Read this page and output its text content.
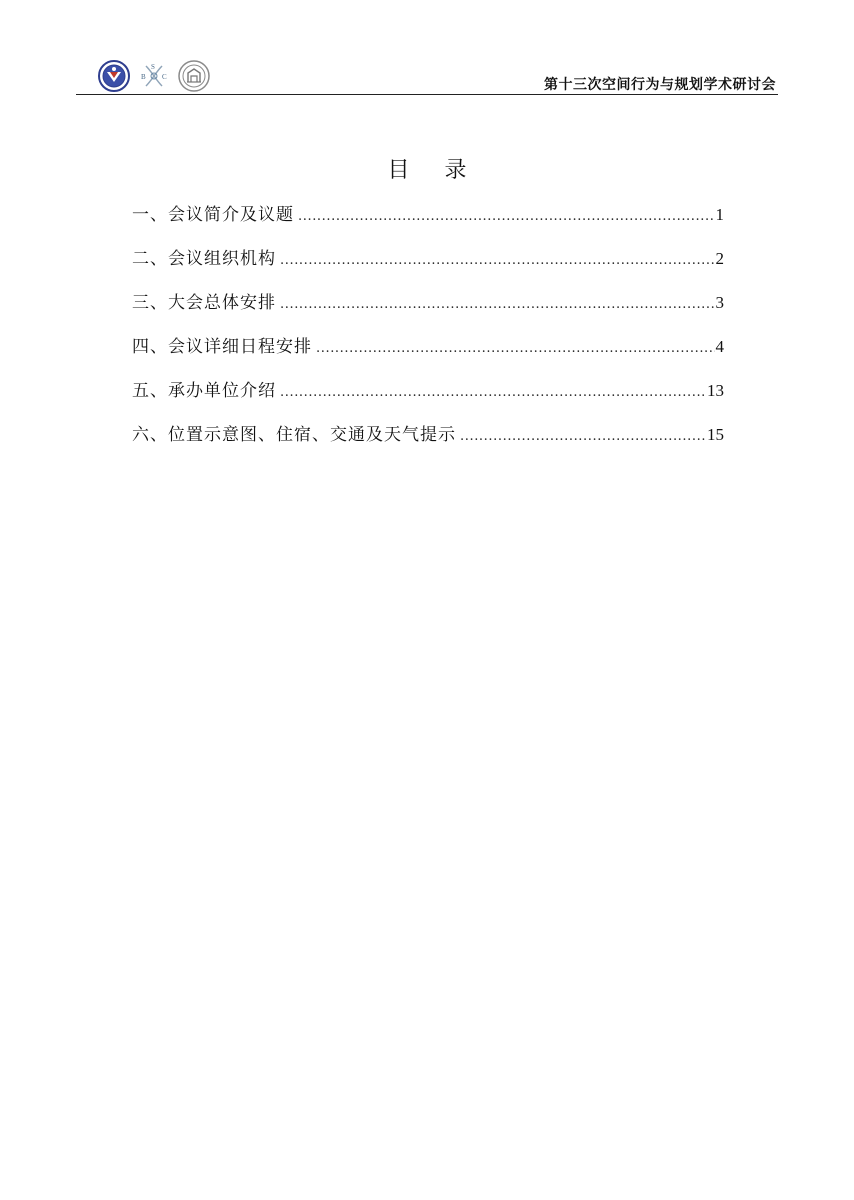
B
S
C	第十三次空间行为与规划学术研讨会
目 录
一、会议简介及议题 .....	1
二、会议组织机构 .....	2
三、大会总体安排 .....	3
四、会议详细日程安排 .....	4
五、承办单位介绍 .....	13
六、位置示意图、住宿、交通及天气提示 .....	15
